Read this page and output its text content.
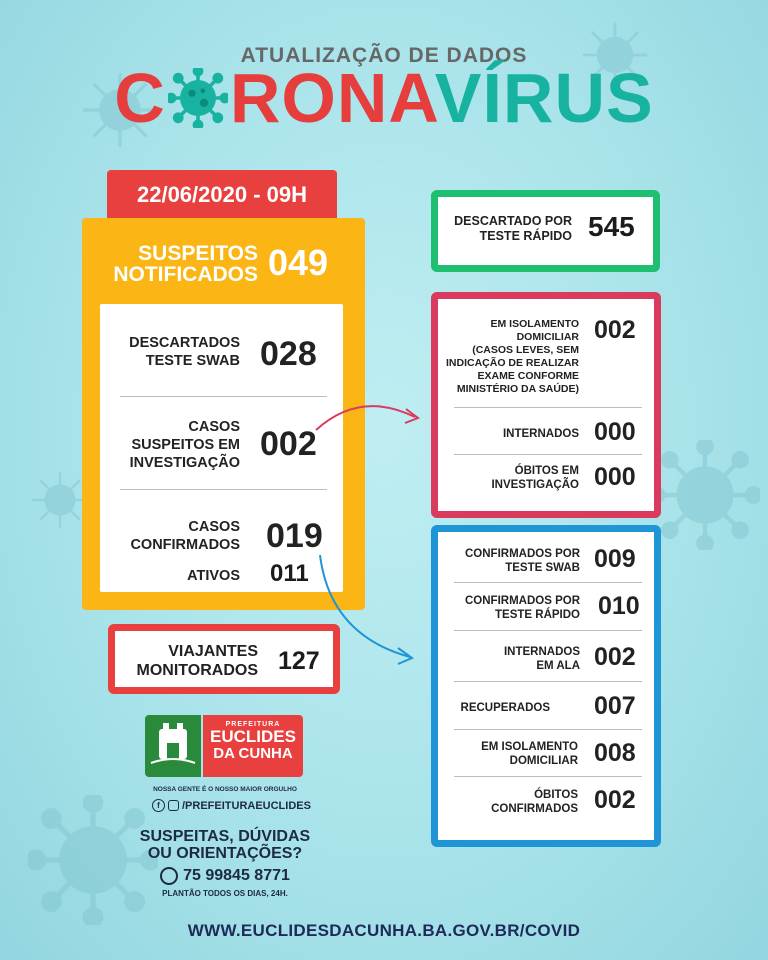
ATUALIZAÇÃO DE DADOS
C RONAVÍRUS
22/06/2020 - 09H
SUSPEITOS
NOTIFICADOS 049
DESCARTADOS
TESTE SWAB 028
CASOS
SUSPEITOS EM
INVESTIGAÇÃO 002
CASOS
CONFIRMADOS 019
ATIVOS 011
VIAJANTES
MONITORADOS 127
DESCARTADO POR
TESTE RÁPIDO 545
EM ISOLAMENTO
DOMICILIAR
(CASOS LEVES, SEM
INDICAÇÃO DE REALIZAR
EXAME CONFORME
MINISTÉRIO DA SAÚDE)
002
INTERNADOS 000
ÓBITOS EM
INVESTIGAÇÃO 000
CONFIRMADOS POR
TESTE SWAB 009
CONFIRMADOS POR
TESTE RÁPIDO 010
INTERNADOS
EM ALA 002
RECUPERADOS 007
EM ISOLAMENTO
DOMICILIAR 008
ÓBITOS
CONFIRMADOS 002
PREFEITURA
EUCLIDES
DA CUNHA
NOSSA GENTE É O NOSSO MAIOR ORGULHO
f	/PREFEITURAEUCLIDES
SUSPEITAS, DÚVIDAS
OU ORIENTAÇÕES?
75 99845 8771
PLANTÃO TODOS OS DIAS, 24H.
WWW.EUCLIDESDACUNHA.BA.GOV.BR/COVID
